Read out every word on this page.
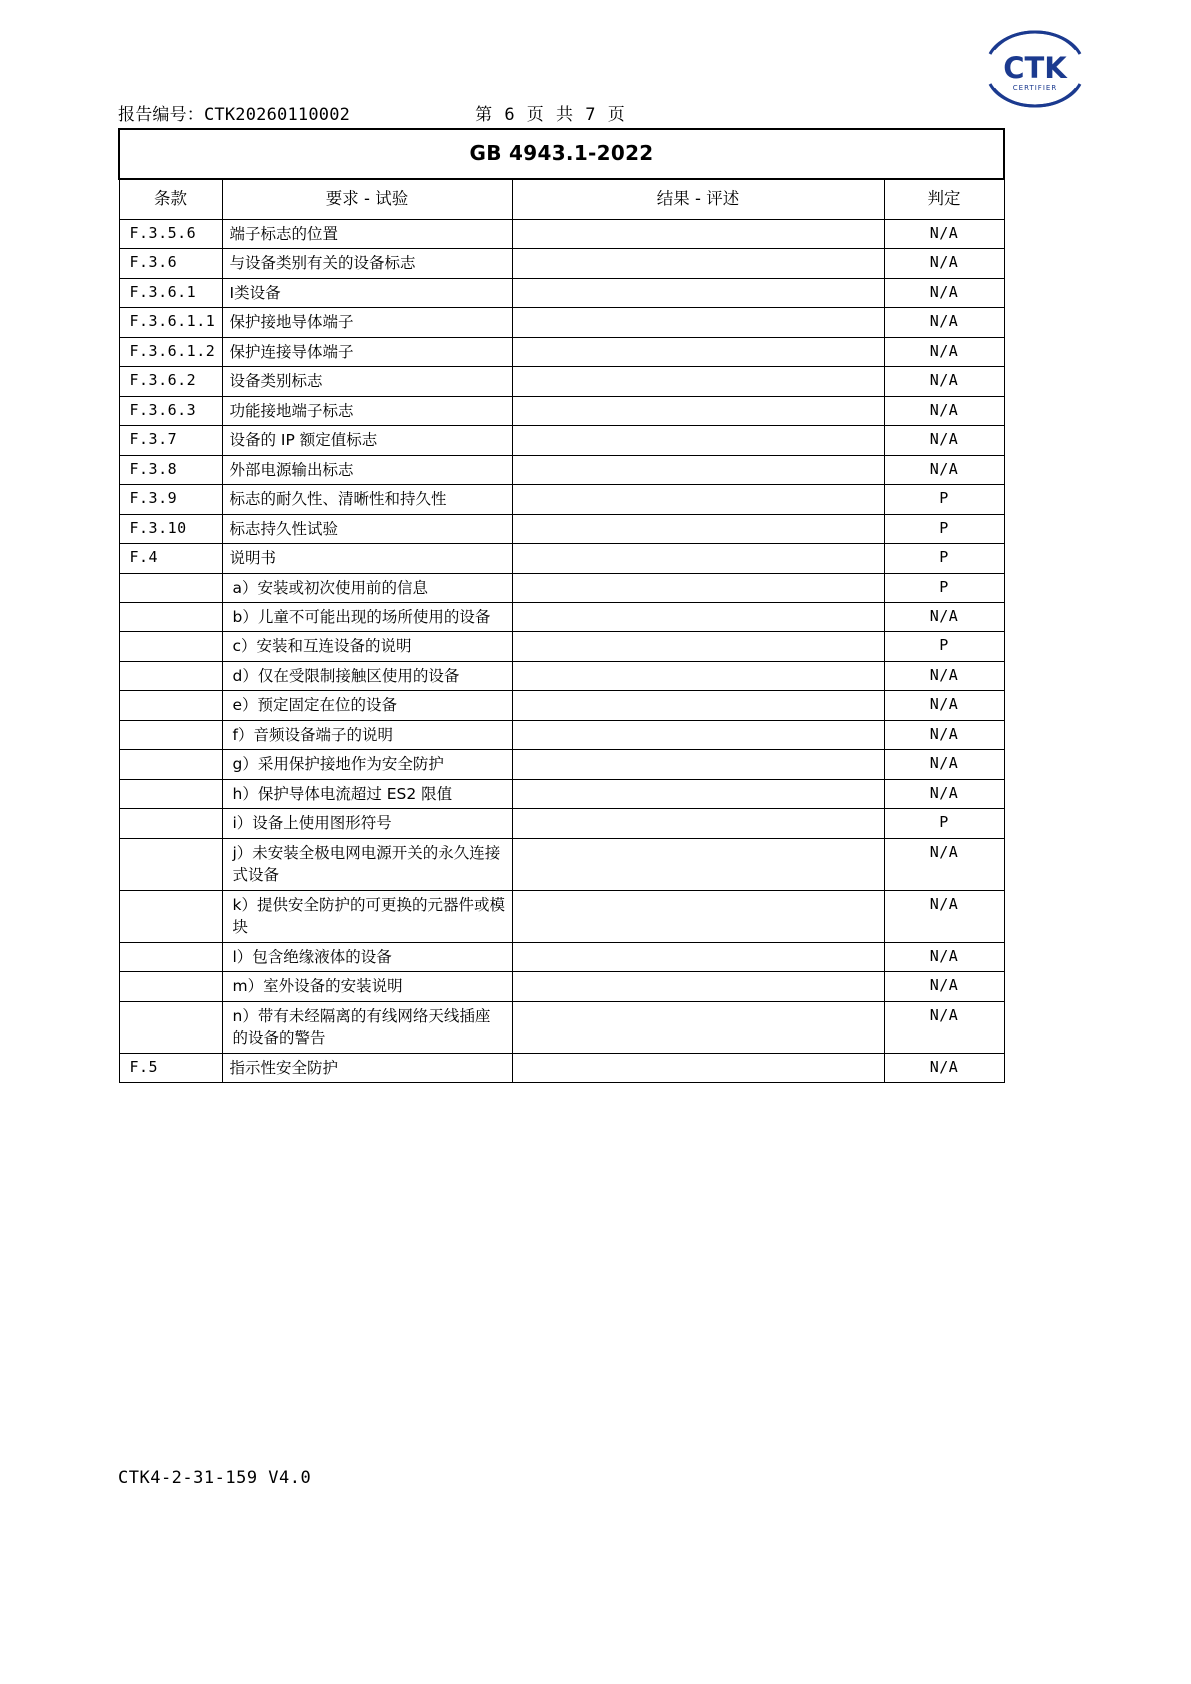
CTK
CERTIFIER
报告编号：CTK20260110002	第 6 页 共 7 页
GB 4943.1-2022			
条款	要求 - 试验	结果 - 评述	判定
F.3.5.6	端子标志的位置		N/A
F.3.6	与设备类别有关的设备标志		N/A
F.3.6.1	Ⅰ类设备		N/A
F.3.6.1.1	保护接地导体端子		N/A
F.3.6.1.2	保护连接导体端子		N/A
F.3.6.2	设备类别标志		N/A
F.3.6.3	功能接地端子标志		N/A
F.3.7	设备的 IP 额定值标志		N/A
F.3.8	外部电源输出标志		N/A
F.3.9	标志的耐久性、清晰性和持久性		P
F.3.10	标志持久性试验		P
F.4	说明书		P
	a）安装或初次使用前的信息		P
	b）儿童不可能出现的场所使用的设备		N/A
	c）安装和互连设备的说明		P
	d）仅在受限制接触区使用的设备		N/A
	e）预定固定在位的设备		N/A
	f）音频设备端子的说明		N/A
	g）采用保护接地作为安全防护		N/A
	h）保护导体电流超过 ES2 限值		N/A
	i）设备上使用图形符号		P
	j）未安装全极电网电源开关的永久连接式设备		N/A
	k）提供安全防护的可更换的元器件或模块		N/A
	l）包含绝缘液体的设备		N/A
	m）室外设备的安装说明		N/A
	n）带有未经隔离的有线网络天线插座的设备的警告		N/A
F.5	指示性安全防护		N/A
CTK4-2-31-159 V4.0
